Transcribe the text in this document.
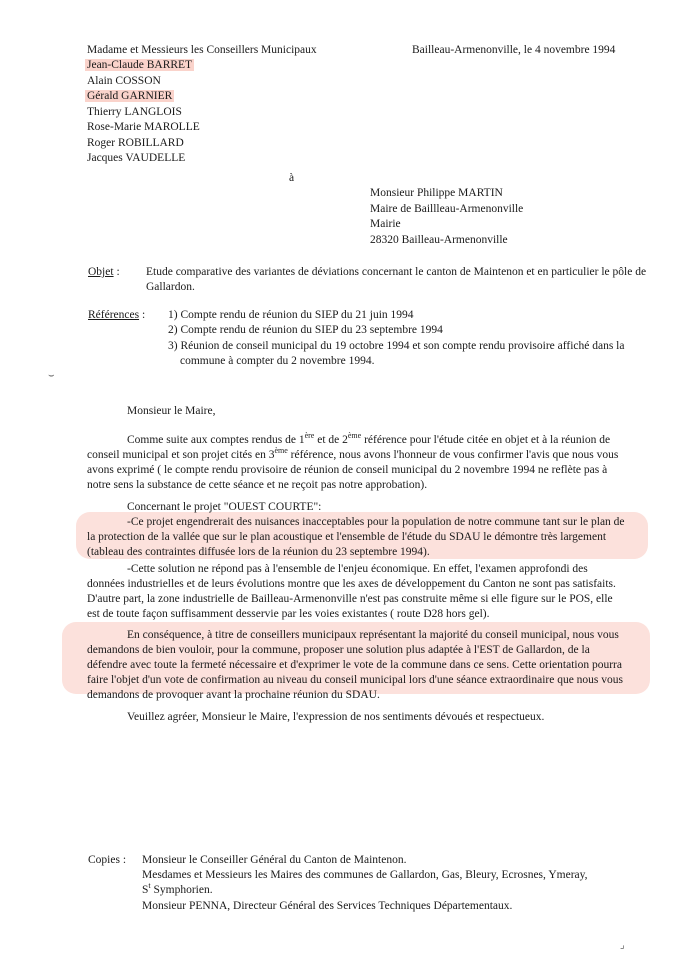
Madame et Messieurs les Conseillers Municipaux
Jean-Claude BARRET
Alain COSSON
Gérald GARNIER
Thierry LANGLOIS
Rose-Marie MAROLLE
Roger ROBILLARD
Jacques VAUDELLE
Bailleau-Armenonville, le 4 novembre 1994
à
Monsieur Philippe MARTIN
Maire de Baillleau-Armenonville
Mairie
28320 Bailleau-Armenonville
Objet : Etude comparative des variantes de déviations concernant le canton de Maintenon et en particulier le pôle de
Gallardon.
Références : 1) Compte rendu de réunion du SIEP du 21 juin 1994
2) Compte rendu de réunion du SIEP du 23 septembre 1994
3) Réunion de conseil municipal du 19 octobre 1994 et son compte rendu provisoire affiché dans la
commune à compter du 2 novembre 1994.
Monsieur le Maire,
Comme suite aux comptes rendus de 1ère et de 2ème référence pour l'étude citée en objet et à la réunion de
conseil municipal et son projet cités en 3ème référence, nous avons l'honneur de vous confirmer l'avis que nous vous
avons exprimé ( le compte rendu provisoire de réunion de conseil municipal du 2 novembre 1994 ne reflète pas à
notre sens la substance de cette séance et ne reçoit pas notre approbation).
Concernant le projet "OUEST COURTE":
-Ce projet engendrerait des nuisances inacceptables pour la population de notre commune tant sur le plan de
la protection de la vallée que sur le plan acoustique et l'ensemble de l'étude du SDAU le démontre très largement
(tableau des contraintes diffusée lors de la réunion du 23 septembre 1994).
-Cette solution ne répond pas à l'ensemble de l'enjeu économique. En effet, l'examen approfondi des
données industrielles et de leurs évolutions montre que les axes de développement du Canton ne sont pas satisfaits.
D'autre part, la zone industrielle de Bailleau-Armenonville n'est pas construite même si elle figure sur le POS, elle
est de toute façon suffisamment desservie par les voies existantes ( route D28 hors gel).
En conséquence, à titre de conseillers municipaux représentant la majorité du conseil municipal, nous vous
demandons de bien vouloir, pour la commune, proposer une solution plus adaptée à l'EST de Gallardon, de la
défendre avec toute la fermeté nécessaire et d'exprimer le vote de la commune dans ce sens. Cette orientation pourra
faire l'objet d'un vote de confirmation au niveau du conseil municipal lors d'une séance extraordinaire que nous vous
demandons de provoquer avant la prochaine réunion du SDAU.
Veuillez agréer, Monsieur le Maire, l'expression de nos sentiments dévoués et respectueux.
Copies : Monsieur le Conseiller Général du Canton de Maintenon.
Mesdames et Messieurs les Maires des communes de Gallardon, Gas, Bleury, Ecrosnes, Ymeray,
$S^t$ Symphorien.
Monsieur PENNA, Directeur Général des Services Techniques Départementaux.
⌣
⌟
